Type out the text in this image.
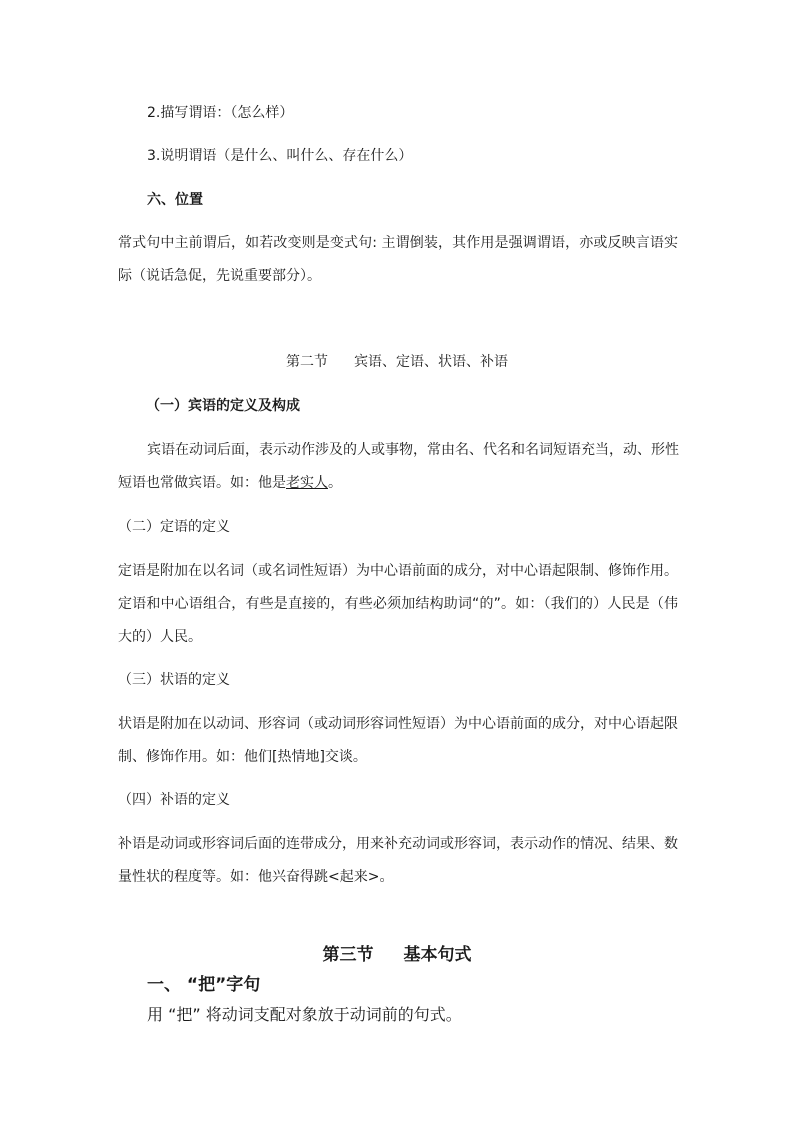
2.描写谓语：（怎么样）
3.说明谓语（是什么、叫什么、存在什么）
六、位置
常式句中主前谓后，如若改变则是变式句: 主谓倒装，其作用是强调谓语，亦或反映言语实
际（说话急促，先说重要部分）。
第二节 宾语、定语、状语、补语
（一）宾语的定义及构成
宾语在动词后面，表示动作涉及的人或事物，常由名、代名和名词短语充当，动、形性
短语也常做宾语。如：他是老实人。
（二）定语的定义
定语是附加在以名词（或名词性短语）为中心语前面的成分，对中心语起限制、修饰作用。
定语和中心语组合，有些是直接的，有些必须加结构助词“的”。如：（我们的）人民是（伟
大的）人民。
（三）状语的定义
状语是附加在以动词、形容词（或动词形容词性短语）为中心语前面的成分，对中心语起限
制、修饰作用。如：他们[热情地]交谈。
（四）补语的定义
补语是动词或形容词后面的连带成分，用来补充动词或形容词，表示动作的情况、结果、数
量性状的程度等。如：他兴奋得跳<起来>。
第三节 基本句式
一、 “把”字句
用 “把” 将动词支配对象放于动词前的句式。
